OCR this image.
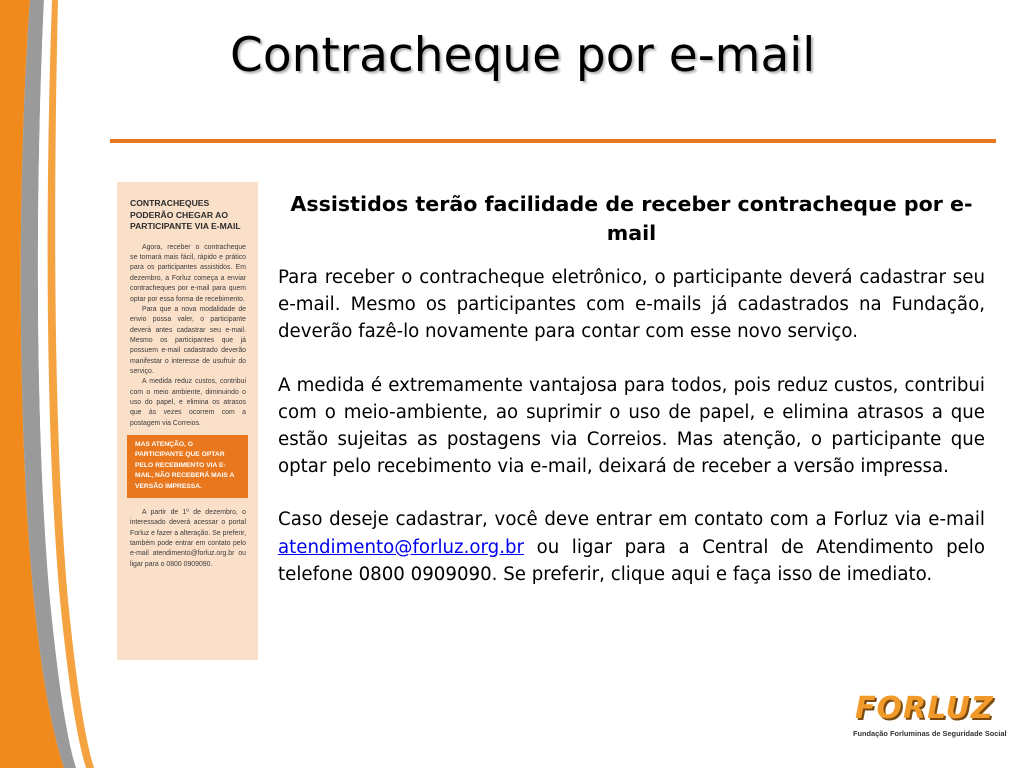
Contracheque por e-mail
CONTRACHEQUES PODERÃO CHEGAR AO PARTICIPANTE VIA E-MAIL

Agora, receber o contracheque se tornará mais fácil, rápido e prático para os participantes assistidos. Em dezembro, a Forluz começa a enviar contracheques por e-mail para quem optar por essa forma de recebimento.

Para que a nova modalidade de envio possa valer, o participante deverá antes cadastrar seu e-mail. Mesmo os participantes que já possuem e-mail cadastrado deverão manifestar o interesse de usufruir do serviço.

A medida reduz custos, contribui com o meio ambiente, diminuindo o uso do papel, e elimina os atrasos que às vezes ocorrem com a postagem via Correios.

MAS ATENÇÃO, O PARTICIPANTE QUE OPTAR PELO RECEBIMENTO VIA E-MAIL, NÃO RECEBERÁ MAIS A VERSÃO IMPRESSA.

A partir de 1º de dezembro, o interessado deverá acessar o portal Forluz e fazer a alteração. Se preferir, também pode entrar em contato pelo e-mail atendimento@forluz.org.br ou ligar para o 0800 0909090.

Assistidos terão facilidade de receber contracheque por e-mail

Para receber o contracheque eletrônico, o participante deverá cadastrar seu e-mail. Mesmo os participantes com e-mails já cadastrados na Fundação, deverão fazê-lo novamente para contar com esse novo serviço.

A medida é extremamente vantajosa para todos, pois reduz custos, contribui com o meio-ambiente, ao suprimir o uso de papel, e elimina atrasos a que estão sujeitas as postagens via Correios. Mas atenção, o participante que optar pelo recebimento via e-mail, deixará de receber a versão impressa.

Caso deseje cadastrar, você deve entrar em contato com a Forluz via e-mail atendimento@forluz.org.br ou ligar para a Central de Atendimento pelo telefone 0800 0909090. Se preferir, clique aqui e faça isso de imediato.

FORLUZ
Fundação Forluminas de Seguridade Social
